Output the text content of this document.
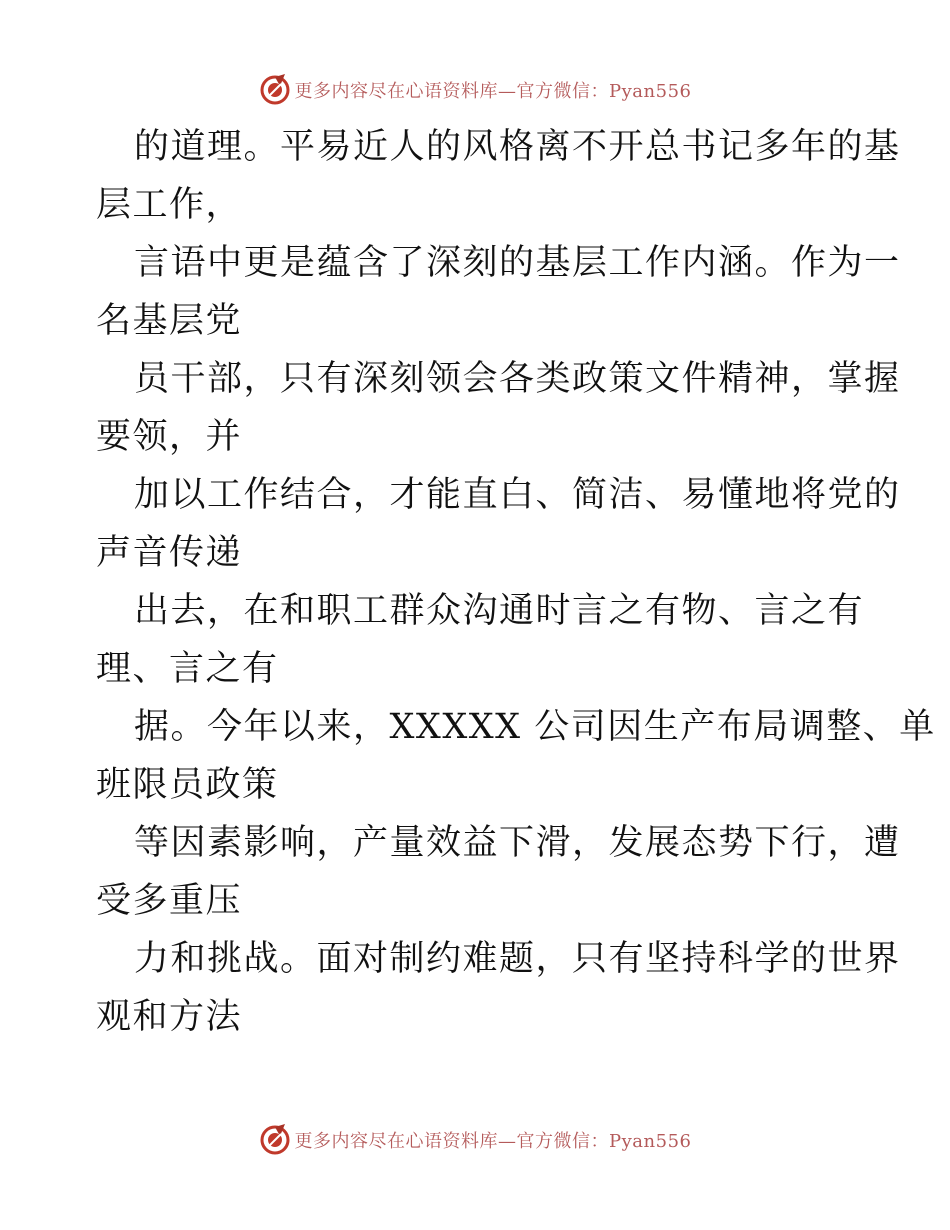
更多内容尽在心语资料库—官方微信：Pyan556
的道理。平易近人的风格离不开总书记多年的基
层工作，
言语中更是蕴含了深刻的基层工作内涵。作为一
名基层党
员干部，只有深刻领会各类政策文件精神，掌握
要领，并
加以工作结合，才能直白、简洁、易懂地将党的
声音传递
出去，在和职工群众沟通时言之有物、言之有
理、言之有
据。今年以来，XXXXX 公司因生产布局调整、单
班限员政策
等因素影响，产量效益下滑，发展态势下行，遭
受多重压
力和挑战。面对制约难题，只有坚持科学的世界
观和方法
更多内容尽在心语资料库—官方微信：Pyan556
